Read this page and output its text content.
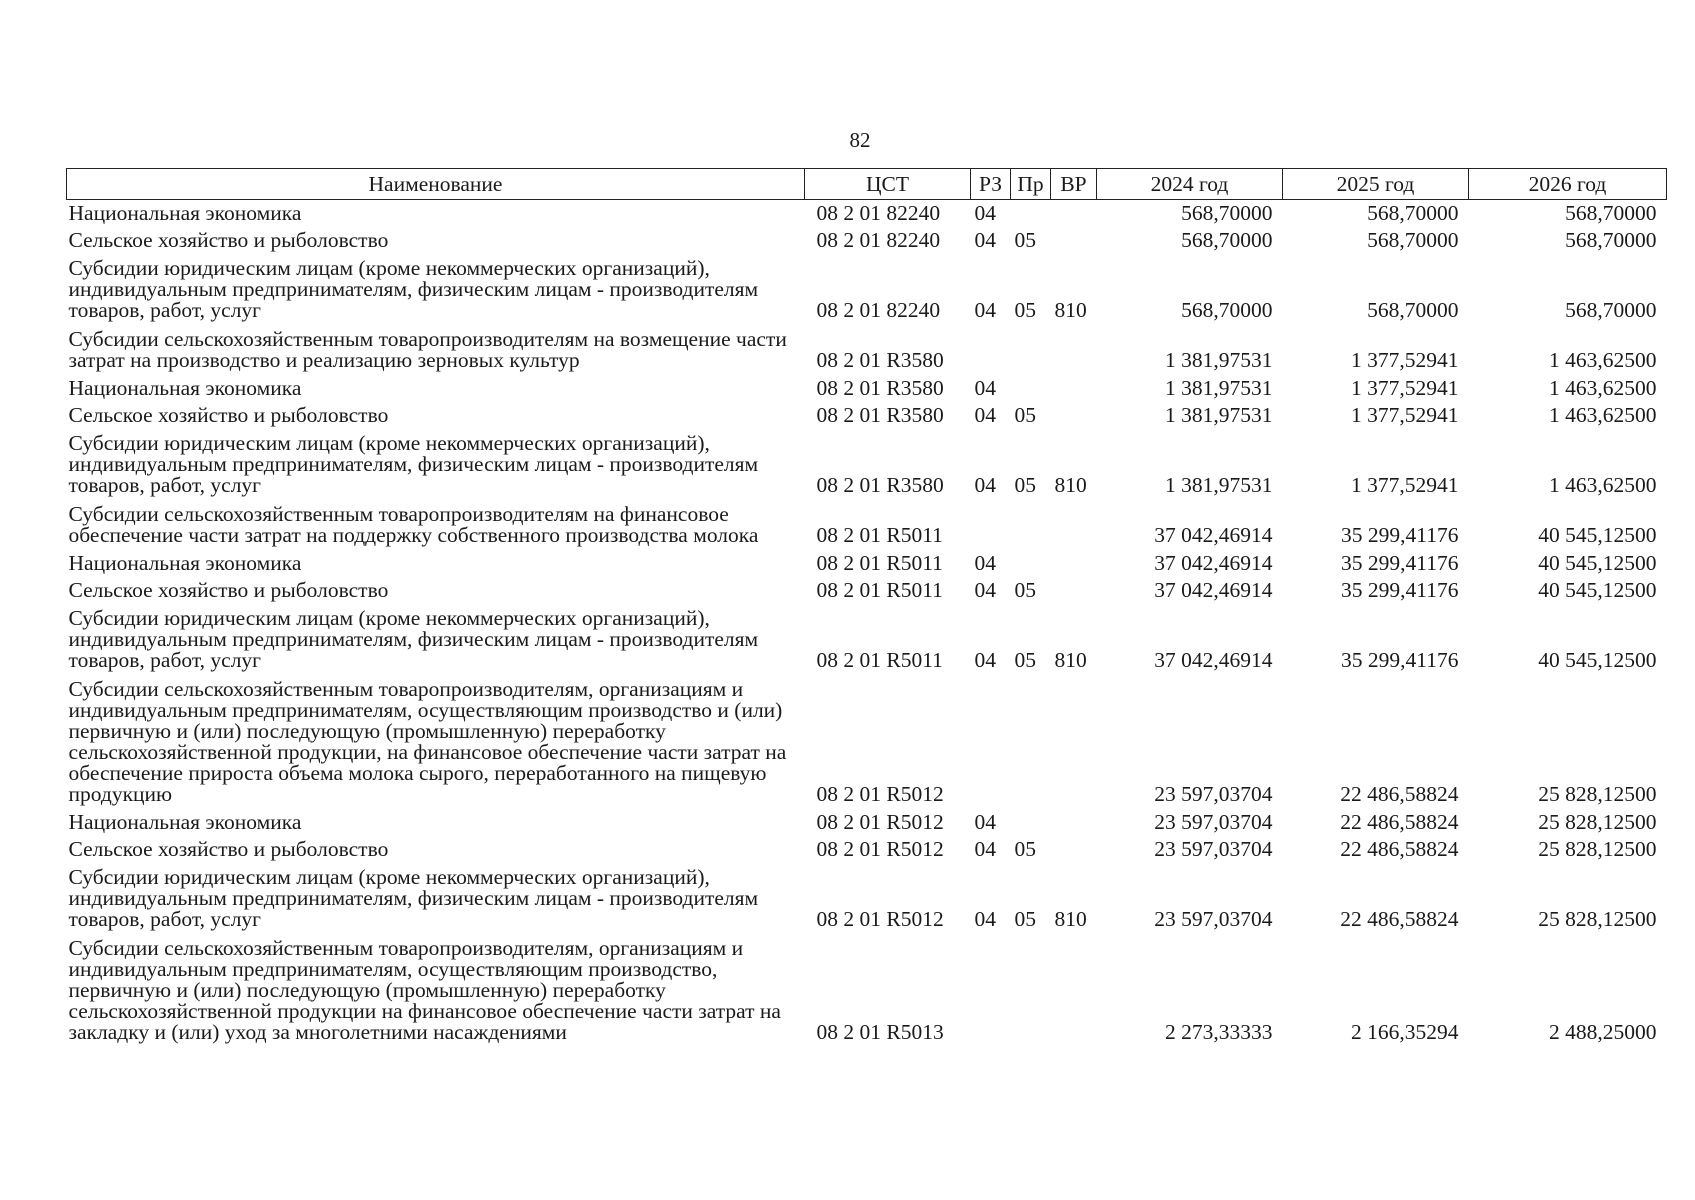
82
Наименование	ЦСТ	РЗ	Пр	ВР	2024 год	2025 год	2026 год
Национальная экономика	08 2 01 82240	04			568,70000	568,70000	568,70000
Сельское хозяйство и рыболовство	08 2 01 82240	04	05		568,70000	568,70000	568,70000
Субсидии юридическим лицам (кроме некоммерческих организаций), индивидуальным предпринимателям, физическим лицам - производителям товаров, работ, услуг	08 2 01 82240	04	05	810	568,70000	568,70000	568,70000
Субсидии сельскохозяйственным товаропроизводителям на возмещение части затрат на производство и реализацию зерновых культур	08 2 01 R3580				1 381,97531	1 377,52941	1 463,62500
Национальная экономика	08 2 01 R3580	04			1 381,97531	1 377,52941	1 463,62500
Сельское хозяйство и рыболовство	08 2 01 R3580	04	05		1 381,97531	1 377,52941	1 463,62500
Субсидии юридическим лицам (кроме некоммерческих организаций), индивидуальным предпринимателям, физическим лицам - производителям товаров, работ, услуг	08 2 01 R3580	04	05	810	1 381,97531	1 377,52941	1 463,62500
Субсидии сельскохозяйственным товаропроизводителям на финансовое обеспечение части затрат на поддержку собственного производства молока	08 2 01 R5011				37 042,46914	35 299,41176	40 545,12500
Национальная экономика	08 2 01 R5011	04			37 042,46914	35 299,41176	40 545,12500
Сельское хозяйство и рыболовство	08 2 01 R5011	04	05		37 042,46914	35 299,41176	40 545,12500
Субсидии юридическим лицам (кроме некоммерческих организаций), индивидуальным предпринимателям, физическим лицам - производителям товаров, работ, услуг	08 2 01 R5011	04	05	810	37 042,46914	35 299,41176	40 545,12500
Субсидии сельскохозяйственным товаропроизводителям, организациям и индивидуальным предпринимателям, осуществляющим производство и (или) первичную и (или) последующую (промышленную) переработку сельскохозяйственной продукции, на финансовое обеспечение части затрат на обеспечение прироста объема молока сырого, переработанного на пищевую продукцию	08 2 01 R5012				23 597,03704	22 486,58824	25 828,12500
Национальная экономика	08 2 01 R5012	04			23 597,03704	22 486,58824	25 828,12500
Сельское хозяйство и рыболовство	08 2 01 R5012	04	05		23 597,03704	22 486,58824	25 828,12500
Субсидии юридическим лицам (кроме некоммерческих организаций), индивидуальным предпринимателям, физическим лицам - производителям товаров, работ, услуг	08 2 01 R5012	04	05	810	23 597,03704	22 486,58824	25 828,12500
Субсидии сельскохозяйственным товаропроизводителям, организациям и индивидуальным предпринимателям, осуществляющим производство, первичную и (или) последующую (промышленную) переработку сельскохозяйственной продукции на финансовое обеспечение части затрат на закладку и (или) уход за многолетними насаждениями	08 2 01 R5013				2 273,33333	2 166,35294	2 488,25000
